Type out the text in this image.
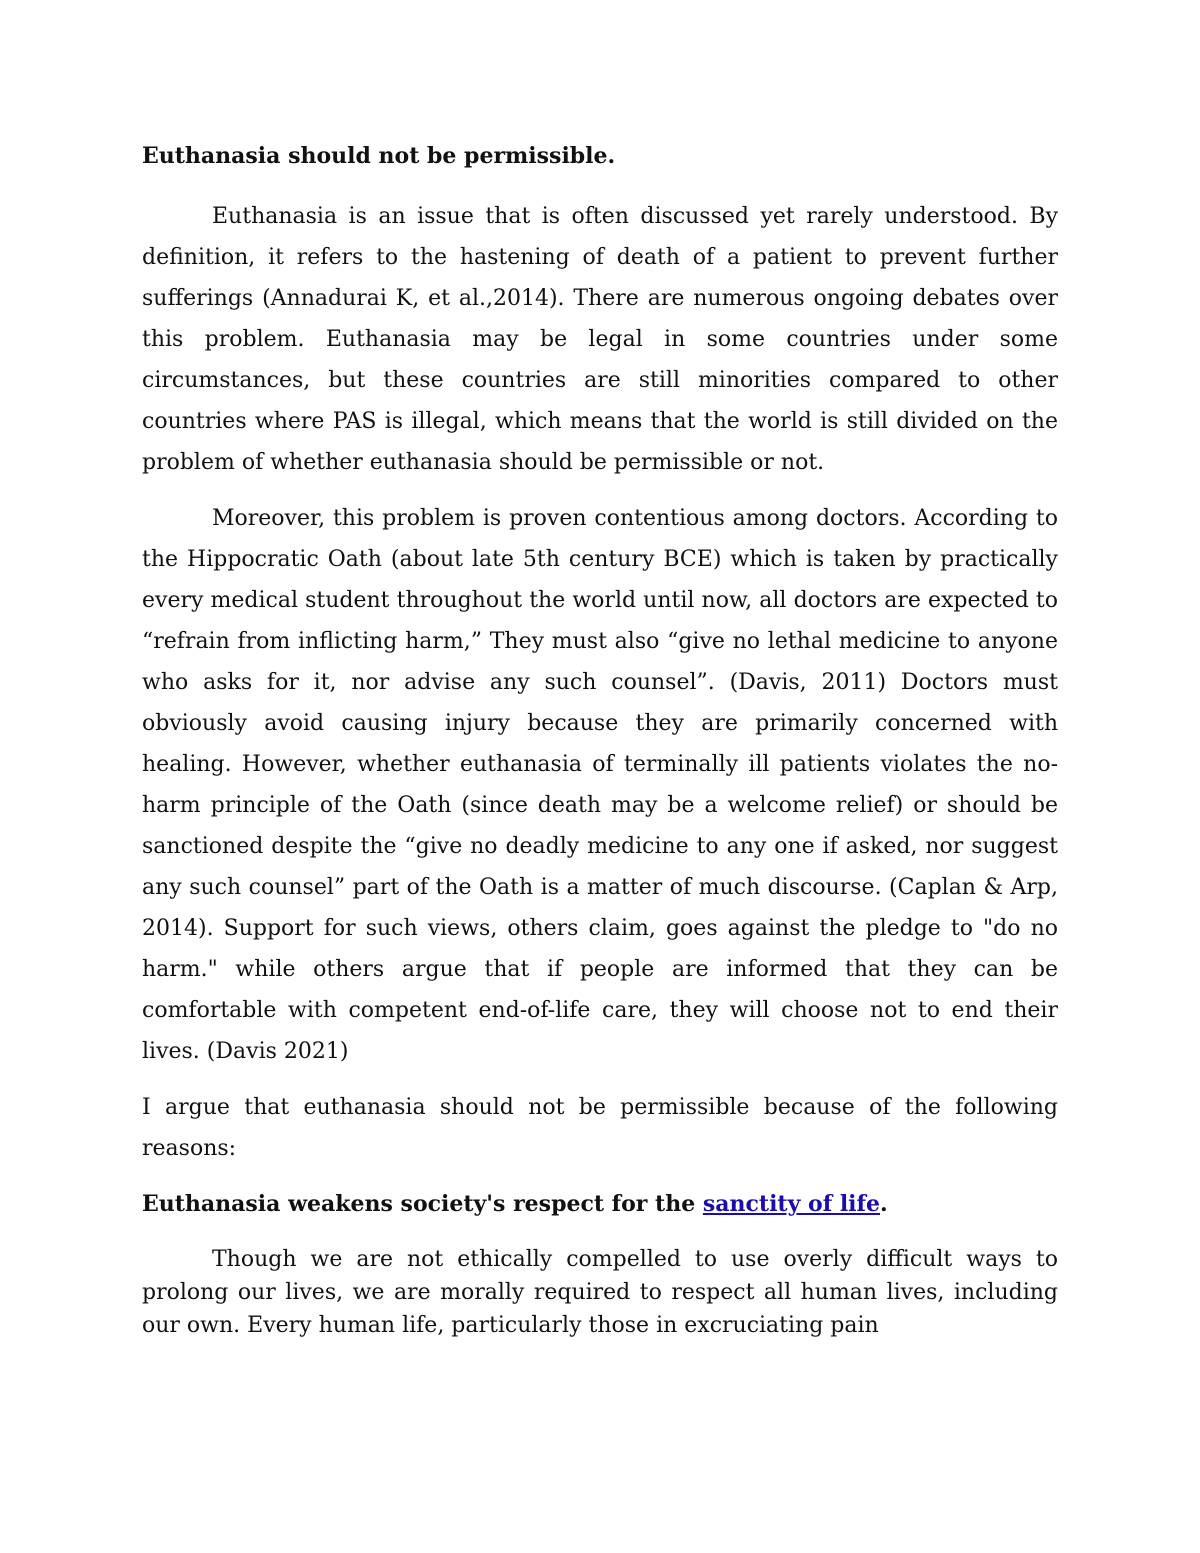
Euthanasia should not be permissible.

Euthanasia is an issue that is often discussed yet rarely understood. By definition, it refers to the hastening of death of a patient to prevent further sufferings (Annadurai K, et al.,2014). There are numerous ongoing debates over this problem. Euthanasia may be legal in some countries under some circumstances, but these countries are still minorities compared to other countries where PAS is illegal, which means that the world is still divided on the problem of whether euthanasia should be permissible or not.

Moreover, this problem is proven contentious among doctors. According to the Hippocratic Oath (about late 5th century BCE) which is taken by practically every medical student throughout the world until now, all doctors are expected to “refrain from inflicting harm,” They must also “give no lethal medicine to anyone who asks for it, nor advise any such counsel”. (Davis, 2011) Doctors must obviously avoid causing injury because they are primarily concerned with healing. However, whether euthanasia of terminally ill patients violates the no-harm principle of the Oath (since death may be a welcome relief) or should be sanctioned despite the “give no deadly medicine to any one if asked, nor suggest any such counsel” part of the Oath is a matter of much discourse. (Caplan & Arp, 2014). Support for such views, others claim, goes against the pledge to "do no harm." while others argue that if people are informed that they can be comfortable with competent end-of-life care, they will choose not to end their lives. (Davis 2021)

I argue that euthanasia should not be permissible because of the following reasons:

Euthanasia weakens society's respect for the sanctity of life.

Though we are not ethically compelled to use overly difficult ways to prolong our lives, we are morally required to respect all human lives, including our own. Every human life, particularly those in excruciating pain
